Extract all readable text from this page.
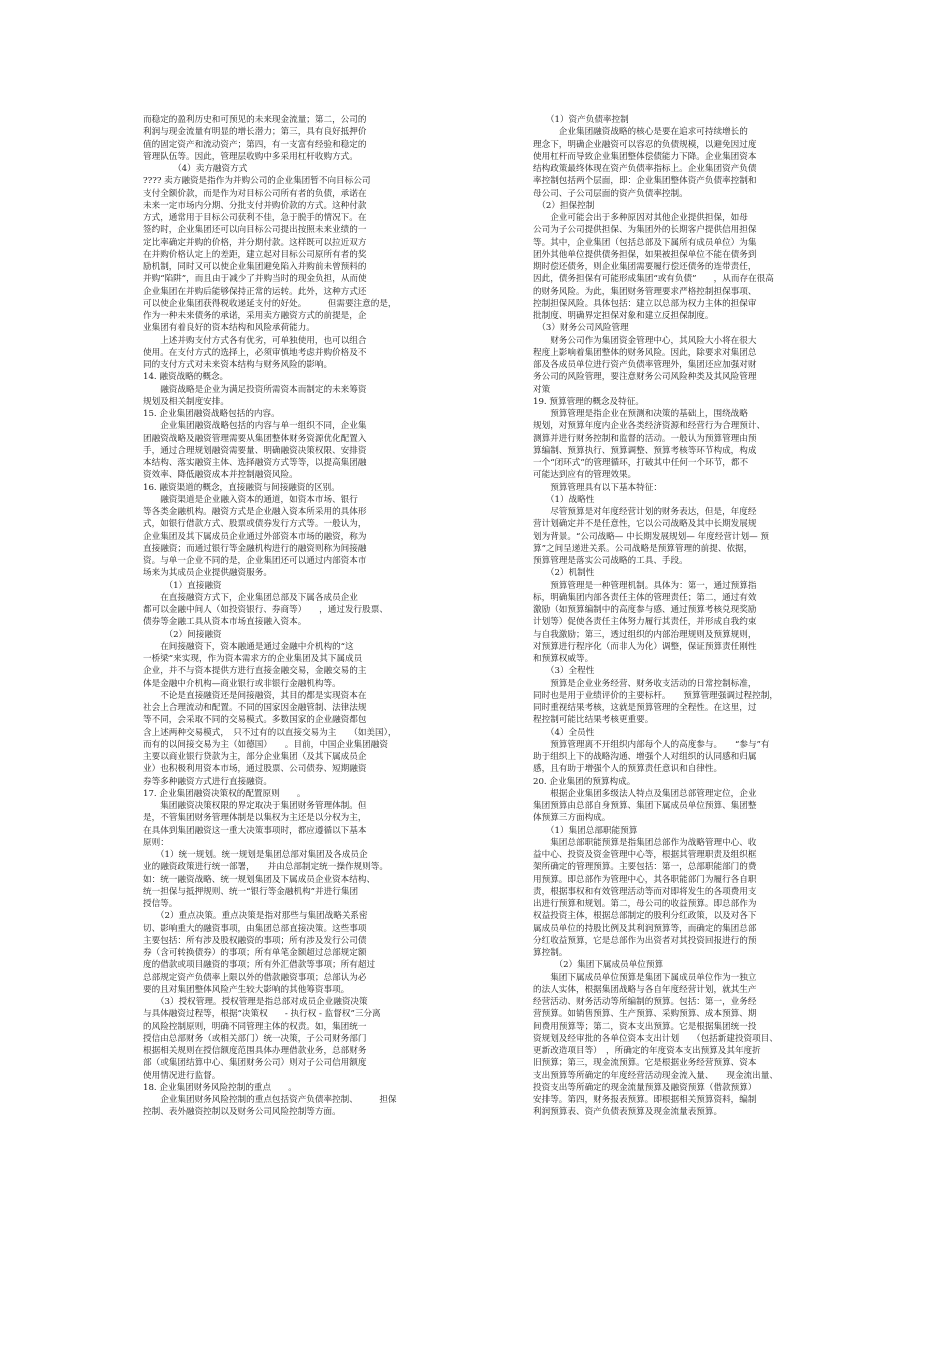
而稳定的盈利历史和可预见的未来现金流量；第二，公司的

利润与现金流量有明显的增长潜力；第三，具有良好抵押价

值的固定资产和流动资产；第四，有一支富有经验和稳定的

管理队伍等。因此，管理层收购中多采用杠杆收购方式。

　　　　（4）卖方融资方式

???? 卖方融资是指作为并购公司的企业集团暂不向目标公司

支付全额价款，而是作为对目标公司所有者的负债，承诺在

未来一定市场内分期、分批支付并购价款的方式。这种付款

方式，通常用于目标公司获利不佳，急于脱手的情况下。在

签约时，企业集团还可以向目标公司提出按照未来业绩的一

定比率确定并购的价格，并分期付款。这样既可以拉近双方

在并购价格认定上的差距，建立起对目标公司原所有者的奖

励机制，同时又可以使企业集团避免陷入并购前未曾预料的

并购“陷阱”，而且由于减少了并购当时的现金负担，从而使

企业集团在并购后能够保持正常的运转。此外，这种方式还

可以使企业集团获得税收递延支付的好处。　　　但需要注意的是，

作为一种未来债务的承诺，采用卖方融资方式的前提是，企

业集团有着良好的资本结构和风险承荷能力。

　　上述并购支付方式各有优劣，可单独使用，也可以组合

使用。在支付方式的选择上，必须审慎地考虑并购价格及不

同的支付方式对未来资本结构与财务风险的影响。

14. 融资战略的概念。

　　融资战略是企业为满足投资所需资本而制定的未来筹资

规划及相关制度安排。

15. 企业集团融资战略包括的内容。

　　企业集团融资战略包括的内容与单一组织不同，企业集

团融资战略及融资管理需要从集团整体财务资源优化配置入

手，通过合理规划融资需要量、明确融资决策权限、安排资

本结构、落实融资主体、选择融资方式等等，以提高集团融

资效率、降低融资成本并控制融资风险。

16. 融资渠道的概念，直接融资与间接融资的区别。

　　融资渠道是企业融入资本的通道，如资本市场、银行

等各类金融机构。融资方式是企业融入资本所采用的具体形

式，如银行借款方式、股票或债券发行方式等。一般认为，

企业集团及其下属成员企业通过外部资本市场的融资，称为

直接融资；而通过银行等金融机构进行的融资则称为间接融

资。与单一企业不同的是，企业集团还可以通过内部资本市

场来为其成员企业提供融资服务。

　　　（1）直接融资

　　在直接融资方式下，企业集团总部及下属各成员企业

都可以金融中间人（如投资银行、券商等）　　，通过发行股票、

债券等金融工具从资本市场直接融入资本。

　　　（2）间接融资

　　在间接融资下，资本融通是通过金融中介机构的“这

一桥梁”来实现，作为资本需求方的企业集团及其下属成员

企业，并不与资本提供方进行直接金融交易，金融交易的主

体是金融中介机构—商业银行或非银行金融机构等。

　　不论是直接融资还是间接融资，其目的都是实现资本在

社会上合理流动和配置。不同的国家因金融管制、法律法规

等不同，会采取不同的交易模式。多数国家的企业融资都包

含上述两种交易模式，　只不过有的以直接交易为主　　（如美国），

而有的以间接交易为主（如德国）　　。目前，中国企业集团融资

主要以商业银行贷款为主，部分企业集团（及其下属成员企

业）也积极利用资本市场，通过股票、公司债券、短期融资

券等多种融资方式进行直接融资。

17. 企业集团融资决策权的配置原则　　。

　　集团融资决策权限的界定取决于集团财务管理体制。但

是，不管集团财务管理体制是以集权为主还是以分权为主，

在具体到集团融资这一重大决策事项时，都应遵循以下基本

原则：

　　（1）统一规划。统一规划是集团总部对集团及各成员企

业的融资政策进行统一部署，　　并由总部制定统一操作规则等。

如：统一融资战略、统一规划集团及下属成员企业资本结构、

统一担保与抵押规则、统一“银行等金融机构”并进行集团

授信等。

　　（2）重点决策。重点决策是指对那些与集团战略关系密

切、影响重大的融资事项，由集团总部直接决策。这些事项

主要包括：所有涉及股权融资的事项；所有涉及发行公司债

券（含可转换债券）的事项；所有单笔金额超过总部规定额

度的借款或项目融资的事项；所有外汇借款等事项；所有超过

总部规定资产负债率上限以外的借款融资事项；总部认为必

要的且对集团整体风险产生较大影响的其他筹资事项。

　　（3）授权管理。授权管理是指总部对成员企业融资决策

与具体融资过程等，根据“决策权　　- 执行权 - 监督权”三分离

的风险控制原则，明确不同管理主体的权责。如，集团统一

授信由总部财务（或相关部门）统一决策，子公司财务部门

根据相关规则在授信额度范围具体办理借款业务，总部财务

部（或集团结算中心、集团财务公司）则对子公司信用额度

使用情况进行监督。

18. 企业集团财务风险控制的重点　　。

　　企业集团财务风险控制的重点包括资产负债率控制、　　　担保

控制、表外融资控制以及财务公司风险控制等方面。

　　（1）资产负债率控制

　　　企业集团融资战略的核心是要在追求可持续增长的

理念下，明确企业融资可以容忍的负债规模，以避免因过度

使用杠杆而导致企业集团整体偿债能力下降。企业集团资本

结构政策最终体现在资产负债率指标上。企业集团资产负债

率控制包括两个层面，即：企业集团整体资产负债率控制和

母公司、子公司层面的资产负债率控制。

　（2）担保控制

　　企业可能会出于多种原因对其他企业提供担保，如母

公司为子公司提供担保、为集团外的长期客户提供信用担保

等。其中，企业集团（包括总部及下属所有成员单位）为集

团外其他单位提供债务担保，如果被担保单位不能在债务到

期时偿还债务，则企业集团需要履行偿还债务的连带责任，

因此，债务担保有可能形成集团“或有负债”　　，从而存在很高

的财务风险。为此，集团财务管理要求严格控制担保事项、

控制担保风险。具体包括：建立以总部为权力主体的担保审

批制度、明确界定担保对象和建立反担保制度。

　（3）财务公司风险管理

　　财务公司作为集团资金管理中心，其风险大小将在很大

程度上影响着集团整体的财务风险。因此，除要求对集团总

部及各成员单位进行资产负债率管理外，集团还应加强对财

务公司的风险管理，要注意财务公司风险种类及其风险管理

对策

19. 预算管理的概念及特征。

　　预算管理是指企业在预测和决策的基础上，围绕战略

规划，对预算年度内企业各类经济资源和经营行为合理预计、

测算并进行财务控制和监督的活动。一般认为预算管理由预

算编制、预算执行、预算调整、预算考核等环节构成，构成

一个“闭环式”的管理循环，打破其中任何一个环节，都不

可能达到应有的管理效果。

　　预算管理具有以下基本特征：

　　（1）战略性

　　尽管预算是对年度经营计划的财务表达，但是，年度经

营计划确定并不是任意性，它以公司战略及其中长期发展规

划为背景。“公司战略— 中长期发展规划— 年度经营计划— 预

算”之间呈递进关系。公司战略是预算管理的前提、依据，

预算管理是落实公司战略的工具、手段。

　　（2）机制性

　　预算管理是一种管理机制。具体为：第一，通过预算指

标，明确集团内部各责任主体的管理责任；第二，通过有效

激励（如预算编制中的高度参与感、通过预算考核兑现奖励

计划等）促使各责任主体努力履行其责任，并形成自我约束

与自我激励；第三，透过组织的内部治理规则及预算规则，

对预算进行程序化（而非人为化）调整，保证预算责任刚性

和预算权威等。

　　（3）全程性

　　预算是企业业务经营、财务收支活动的日常控制标准，

同时也是用于业绩评价的主要标杆。　　预算管理强调过程控制，

同时重视结果考核，这就是预算管理的全程性。在这里，过

程控制可能比结果考核更重要。

　　（4）全员性

　　预算管理离不开组织内部每个人的高度参与。　　“参与”有

助于组织上下的战略沟通、增强个人对组织的认同感和归属

感，且有助于增强个人的预算责任意识和自律性。

20. 企业集团的预算构成。

　　根据企业集团多级法人特点及集团总部管理定位，企业

集团预算由总部自身预算、集团下属成员单位预算、集团整

体预算三方面构成。

　　（1）集团总部职能预算

　　集团总部职能预算是指集团总部作为战略管理中心、收

益中心、投资及资金管理中心等，根据其管理职责及组织框

架所确定的管理预算。主要包括：第一，总部职能部门的费

用预算。即总部作为管理中心，其各职能部门为履行各自职

责，根据事权和有效管理活动等而对即将发生的各项费用支

出进行预算和规划。第二，母公司的收益预算。即总部作为

权益投资主体，根据总部制定的股利分红政策，以及对各下

属成员单位的持股比例及其利润预算等，而确定的集团总部

分红收益预算，它是总部作为出资者对其投资回报进行的预

算控制。

　　　（2）集团下属成员单位预算

　　集团下属成员单位预算是集团下属成员单位作为一独立

的法人实体，根据集团战略与各自年度经营计划，就其生产

经营活动、财务活动等所编制的预算。包括：第一，业务经

营预算。如销售预算、生产预算、采购预算、成本预算、期

间费用预算等；第二，资本支出预算。它是根据集团统一投

资规划及经审批的各单位资本支出计划　　（包括新建投资项目、

更新改造项目等）　，所确定的年度资本支出预算及其年度折

旧预算；第三，现金流预算。它是根据业务经营预算、资本

支出预算等所确定的年度经营活动现金流入量、　　现金流出量、

投资支出等所确定的现金流量预算及融资预算（借款预算）

安排等。第四，财务报表预算。即根据相关预算资料，编制

利润预算表、资产负债表预算及现金流量表预算。
